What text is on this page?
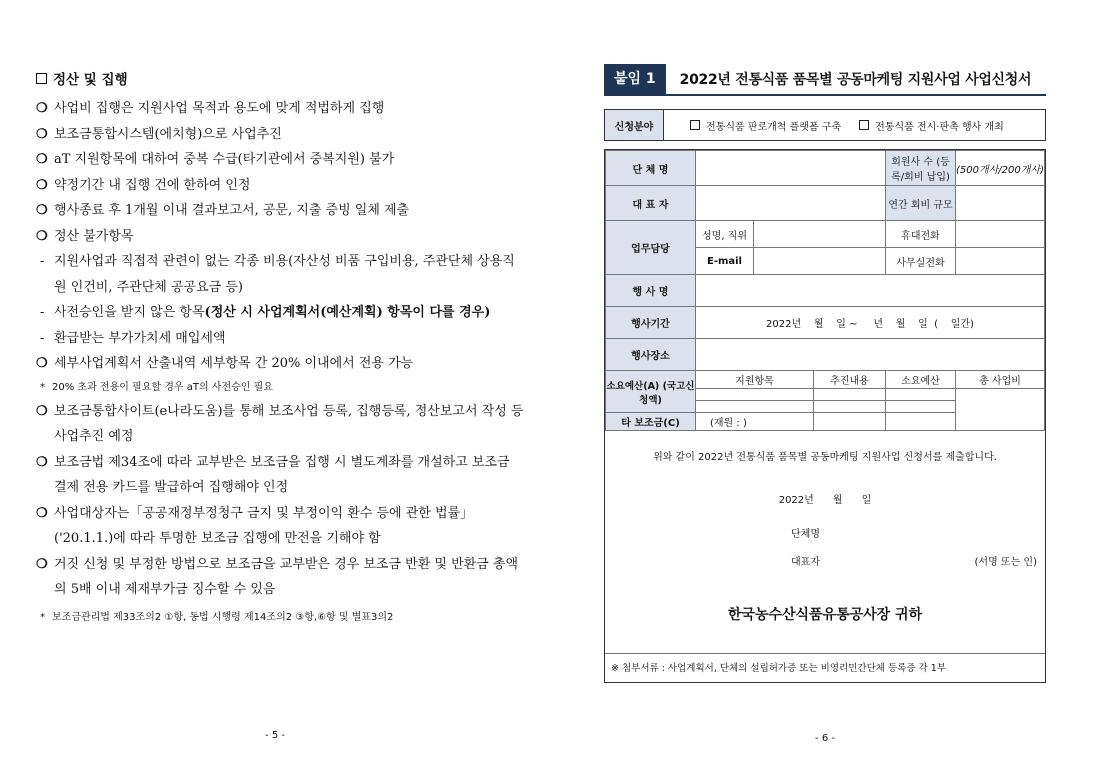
정산 및 집행
❍ 사업비 집행은 지원사업 목적과 용도에 맞게 적법하게 집행
❍ 보조금통합시스템(에치형)으로 사업추진
❍ aT 지원항목에 대하여 중복 수급(타기관에서 중복지원) 불가
❍ 약정기간 내 집행 건에 한하여 인정
❍ 행사종료 후 1개월 이내 결과보고서, 공문, 지출 증빙 일체 제출
❍ 정산 불가항목
- 지원사업과 직접적 관련이 없는 각종 비용(자산성 비품 구입비용, 주관단체 상용직원 인건비, 주관단체 공공요금 등)
- 사전승인을 받지 않은 항목(정산 시 사업계획서(예산계획) 항목이 다를 경우)
- 환급받는 부가가치세 매입세액
❍ 세부사업계획서 산출내역 세부항목 간 20% 이내에서 전용 가능
* 20% 초과 전용이 필요할 경우 aT의 사전승인 필요
❍ 보조금통합사이트(e나라도움)를 통해 보조사업 등록, 집행등록, 정산보고서 작성 등 사업추진 예정
❍ 보조금법 제34조에 따라 교부받은 보조금을 집행 시 별도계좌를 개설하고 보조금 결제 전용 카드를 발급하여 집행해야 인정
❍ 사업대상자는「공공재정부정청구 금지 및 부정이익 환수 등에 관한 법률」('20.1.1.)에 따라 투명한 보조금 집행에 만전을 기해야 함
❍ 거짓 신청 및 부정한 방법으로 보조금을 교부받은 경우 보조금 반환 및 반환금 총액의 5배 이내 제재부가금 징수할 수 있음
* 보조금관리법 제33조의2 ①항, 동법 시행령 제14조의2 ③항,⑥항 및 별표3의2
- 5 -
붙임 1	2022년 전통식품 품목별 공동마케팅 지원사업 사업신청서
신청분야	전통식품 판로개척 플랫폼 구축	전통식품 전시·판촉 행사 개최
단 체 명				회원사 수 (등록/회비 납입)	(500개사/200개사)
대 표 자				연간 회비 규모	
업무담당	성명, 직위			휴대전화	
	E-mail			사무실전화	
행 사 명					
행사기간	2022년    월    일 ~     년    월    일  (    일간)				
행사장소					
소요예산(A) (국고신청액)	지원항목		추진내용	소요예산	총 사업비

타 보조금(C)	(재원 : )				
위와 같이 2022년 전통식품 품목별 공동마케팅 지원사업 신청서를 제출합니다.
2022년      월      일
단체명
대표자	(서명 또는 인)
한국농수산식품유통공사장 귀하
※ 첨부서류 : 사업계획서, 단체의 설립허가증 또는 비영리민간단체 등록증 각 1부
- 6 -
